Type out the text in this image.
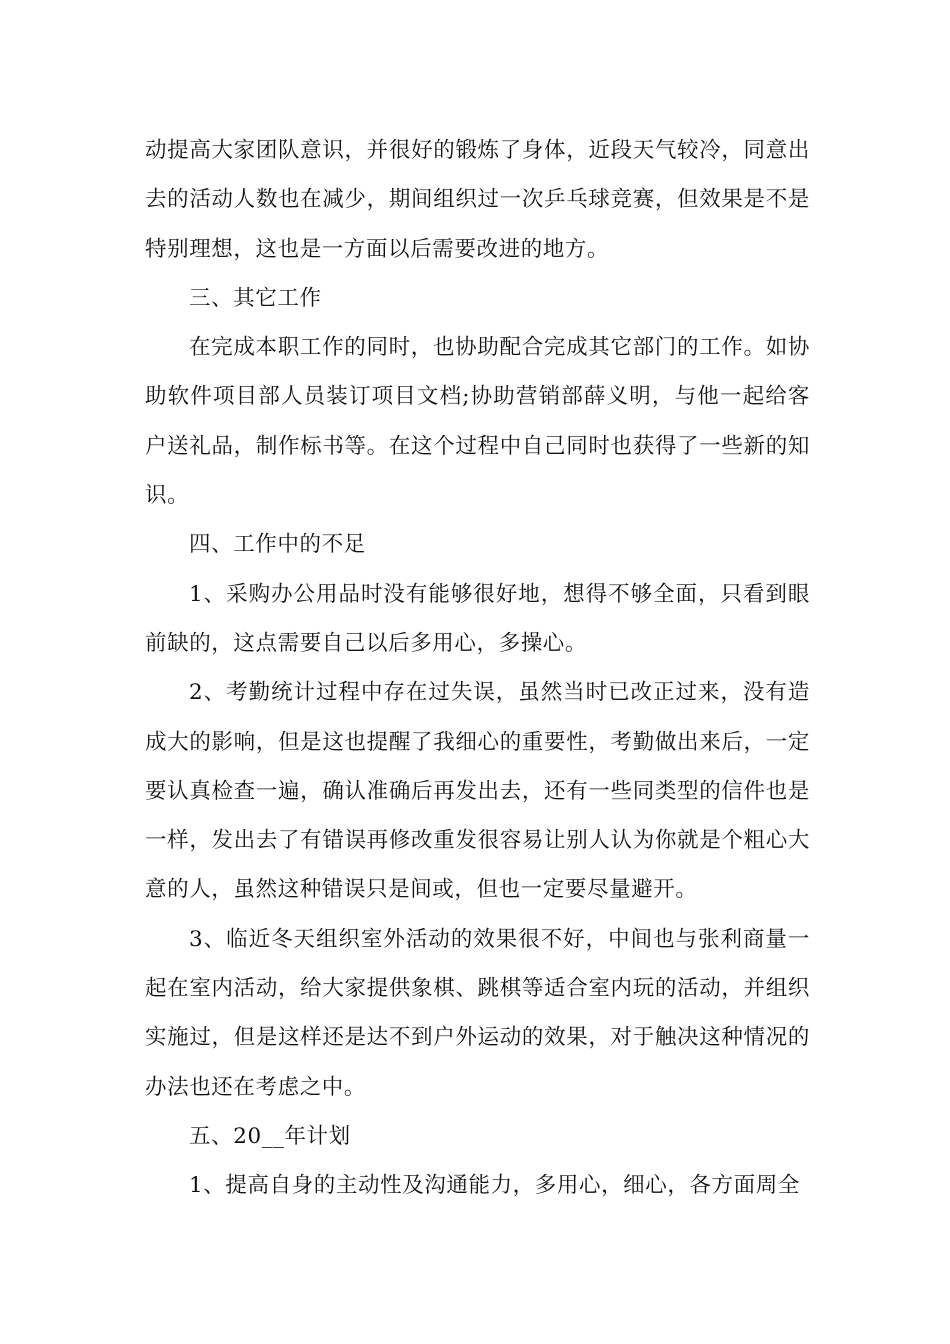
动提高大家团队意识，并很好的锻炼了身体，近段天气较冷，同意出去的活动人数也在减少，期间组织过一次乒乓球竞赛，但效果是不是特别理想，这也是一方面以后需要改进的地方。

三、其它工作

在完成本职工作的同时，也协助配合完成其它部门的工作。如协助软件项目部人员装订项目文档;协助营销部薛义明，与他一起给客户送礼品，制作标书等。在这个过程中自己同时也获得了一些新的知识。

四、工作中的不足

1、采购办公用品时没有能够很好地，想得不够全面，只看到眼前缺的，这点需要自己以后多用心，多操心。

2、考勤统计过程中存在过失误，虽然当时已改正过来，没有造成大的影响，但是这也提醒了我细心的重要性，考勤做出来后，一定要认真检查一遍，确认准确后再发出去，还有一些同类型的信件也是一样，发出去了有错误再修改重发很容易让别人认为你就是个粗心大意的人，虽然这种错误只是间或，但也一定要尽量避开。

3、临近冬天组织室外活动的效果很不好，中间也与张利商量一起在室内活动，给大家提供象棋、跳棋等适合室内玩的活动，并组织实施过，但是这样还是达不到户外运动的效果，对于触决这种情况的办法也还在考虑之中。

五、20__年计划

1、提高自身的主动性及沟通能力，多用心，细心，各方面周全
